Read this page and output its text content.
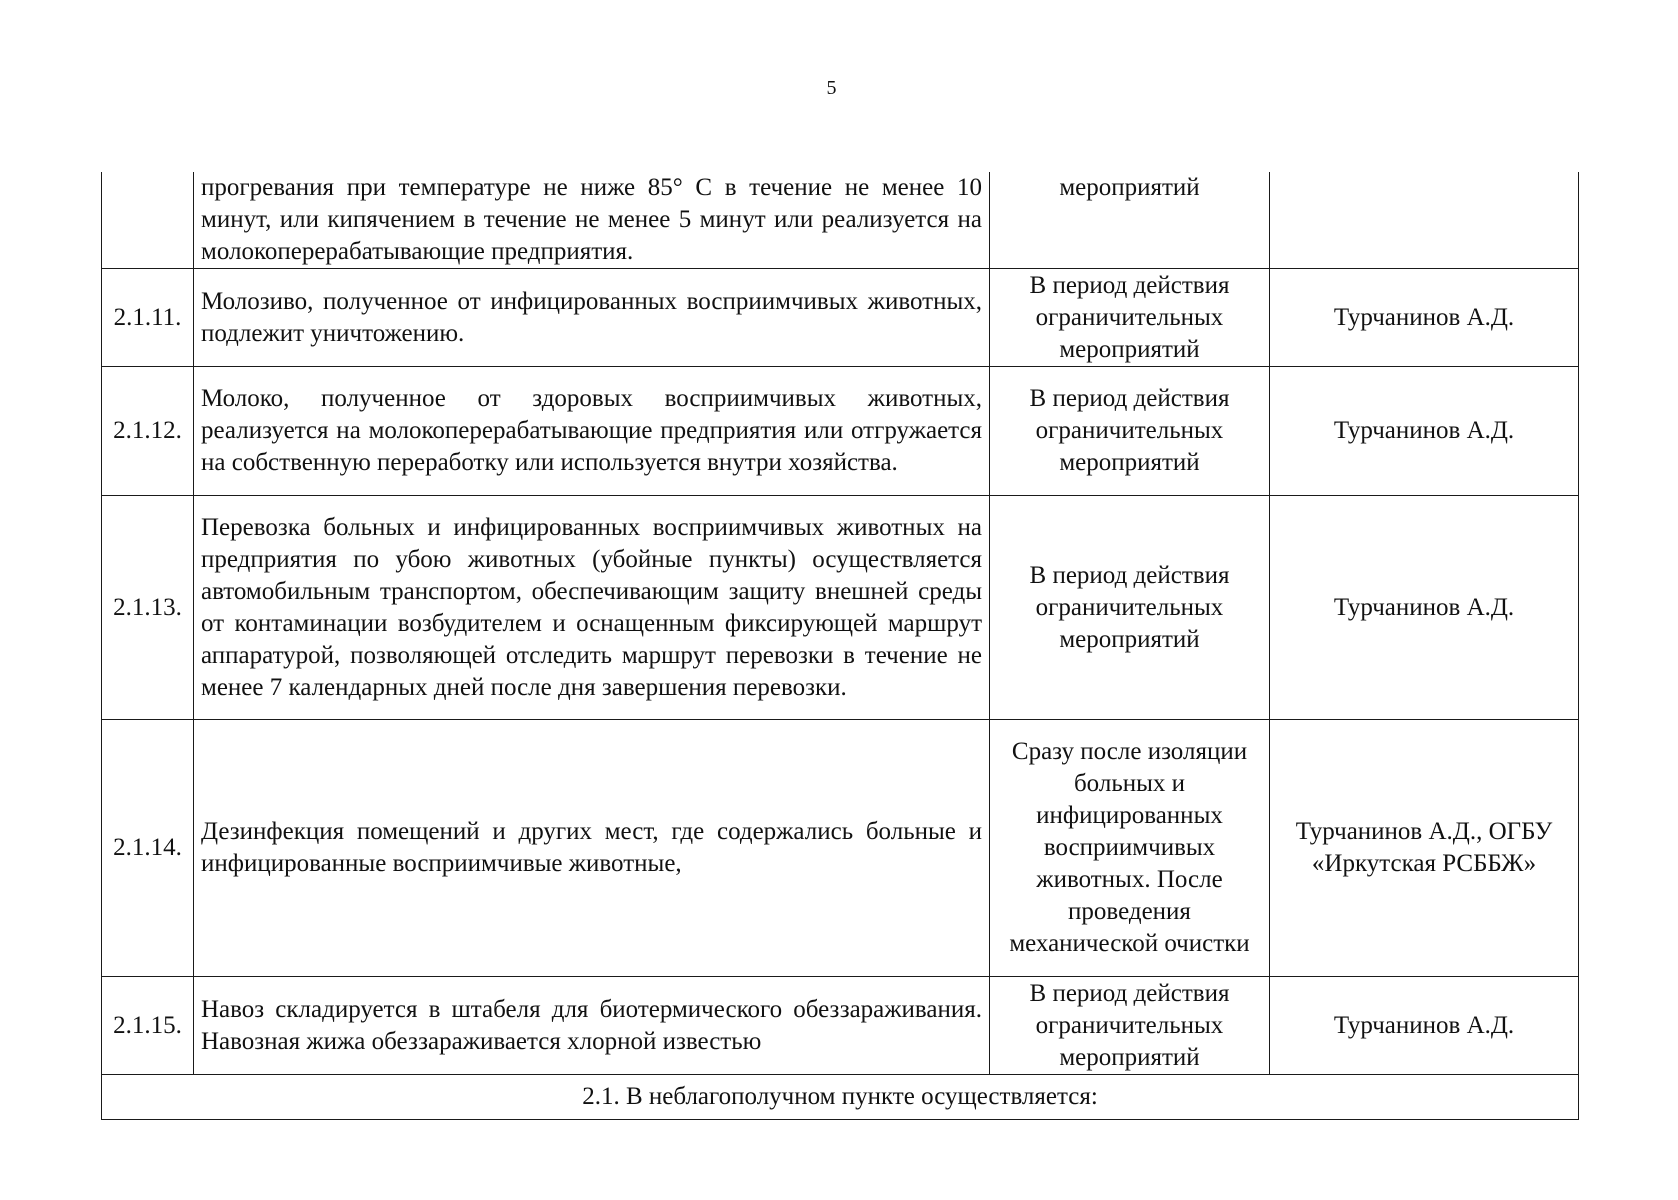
5
	прогревания при температуре не ниже 85° C в течение не менее 10 минут, или кипячением в течение не менее 5 минут или реализуется на молокоперерабатывающие предприятия.	мероприятий	
2.1.11.	Молозиво, полученное от инфицированных восприимчивых животных, подлежит уничтожению.	В период действия ограничительных мероприятий	Турчанинов А.Д.
2.1.12.	Молоко, полученное от здоровых восприимчивых животных, реализуется на молокоперерабатывающие предприятия или отгружается на собственную переработку или используется внутри хозяйства.	В период действия ограничительных мероприятий	Турчанинов А.Д.
2.1.13.	Перевозка больных и инфицированных восприимчивых животных на предприятия по убою животных (убойные пункты) осуществляется автомобильным транспортом, обеспечивающим защиту внешней среды от контаминации возбудителем и оснащенным фиксирующей маршрут аппаратурой, позволяющей отследить маршрут перевозки в течение не менее 7 календарных дней после дня завершения перевозки.	В период действия ограничительных мероприятий	Турчанинов А.Д.
2.1.14.	Дезинфекция помещений и других мест, где содержались больные и инфицированные восприимчивые животные,	Сразу после изоляции больных и инфицированных восприимчивых животных. После проведения механической очистки	Турчанинов А.Д., ОГБУ «Иркутская РСББЖ»
2.1.15.	Навоз складируется в штабеля для биотермического обеззараживания. Навозная жижа обеззараживается хлорной известью	В период действия ограничительных мероприятий	Турчанинов А.Д.
2.1. В неблагополучном пункте осуществляется:			
